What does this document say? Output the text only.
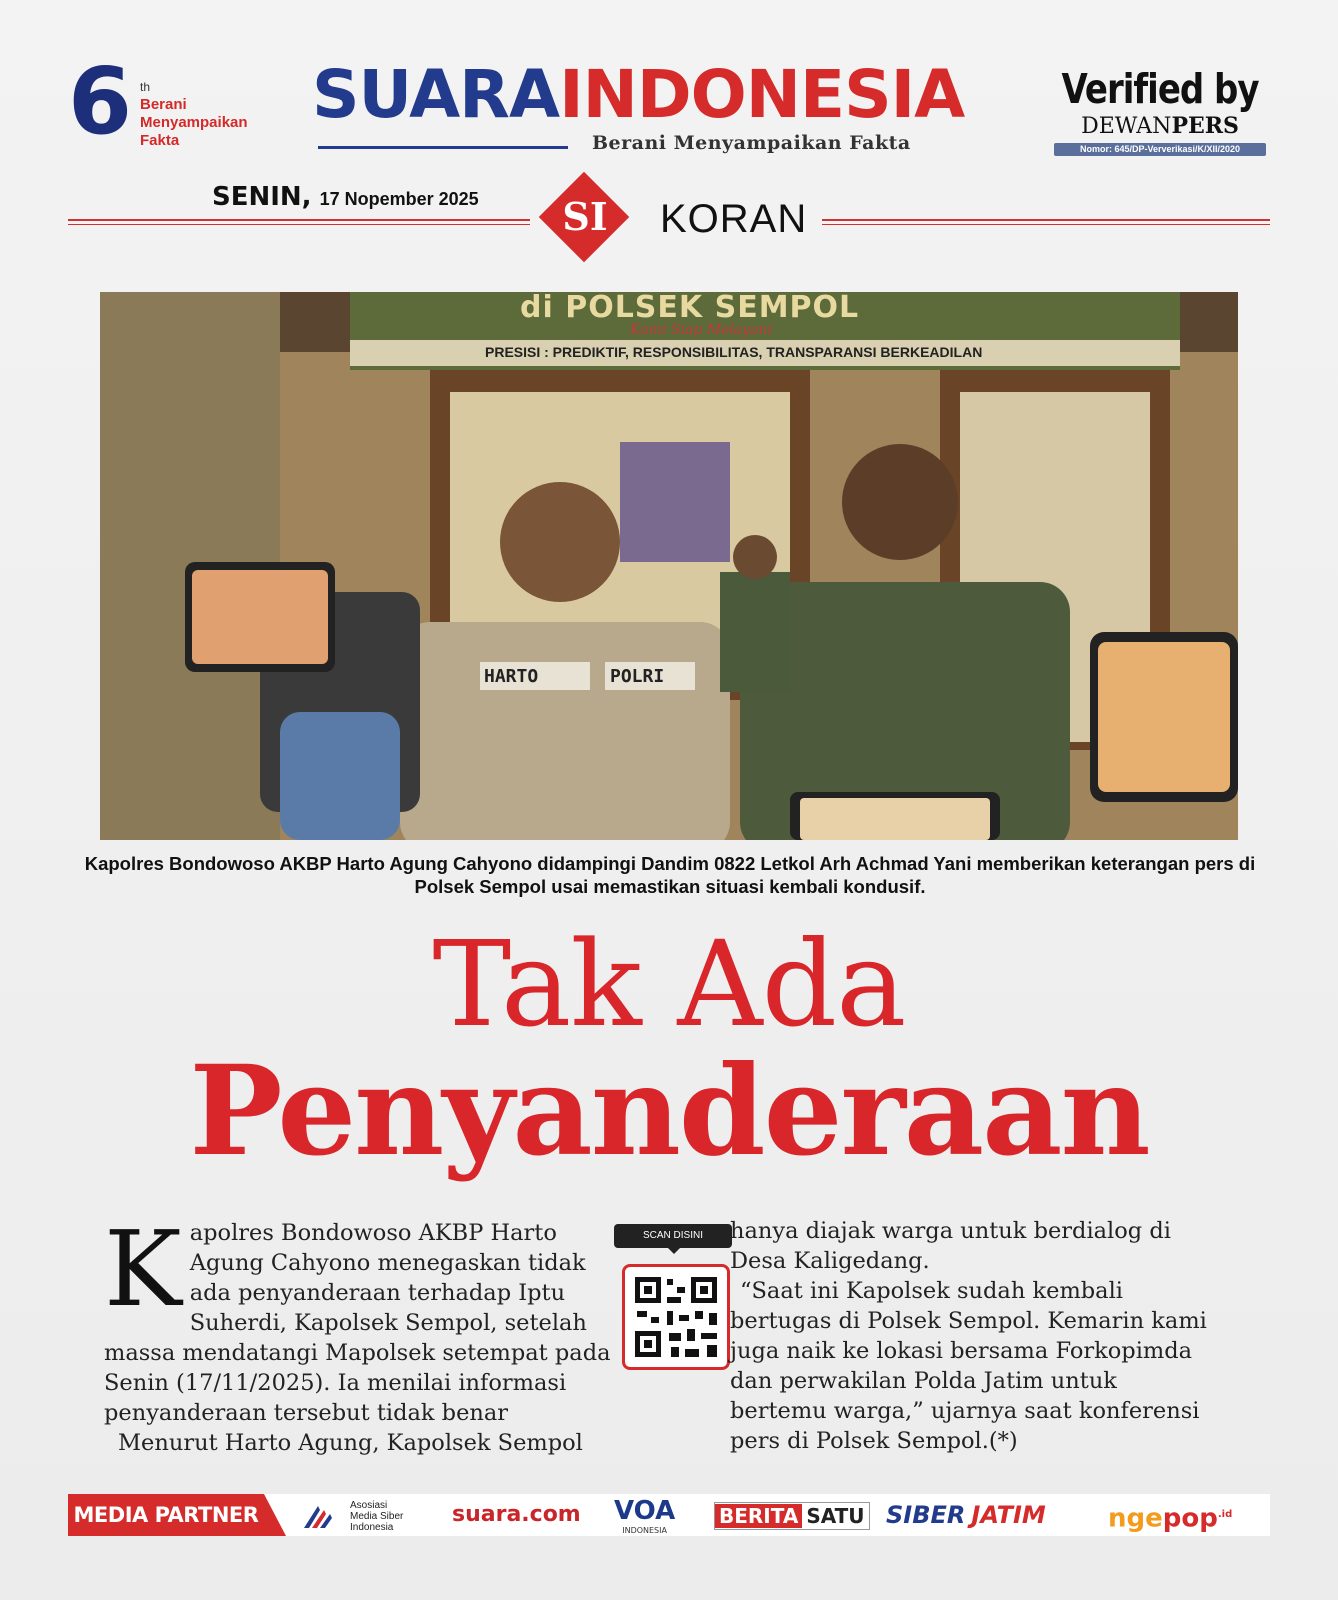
6 th
Berani
Menyampaikan
Fakta
SUARAINDONESIA
Berani Menyampaikan Fakta
Verified by
DEWANPERS
Nomor: 645/DP-Ververikasi/K/XII/2020
SENIN, 17 Nopember 2025	SI	KORAN
di POLSEK SEMPOL
Kami Siap Melayani
PRESISI : PREDIKTIF, RESPONSIBILITAS, TRANSPARANSI BERKEADILAN
HARTO	POLRI
Kapolres Bondowoso AKBP Harto Agung Cahyono didampingi Dandim 0822 Letkol Arh Achmad Yani memberikan keterangan pers di Polsek Sempol usai memastikan situasi kembali kondusif.
Tak Ada
Penyanderaan

Kapolres Bondowoso AKBP Harto Agung Cahyono menegaskan tidak ada penyanderaan terhadap Iptu Suherdi, Kapolsek Sempol, setelah massa mendatangi Mapolsek setempat pada Senin (17/11/2025). Ia menilai informasi penyanderaan tersebut tidak benar

Menurut Harto Agung, Kapolsek Sempol

SCAN DISINI	hanya diajak warga untuk berdialog di Desa Kaligedang.

“Saat ini Kapolsek sudah kembali bertugas di Polsek Sempol. Kemarin kami juga naik ke lokasi bersama Forkopimda dan perwakilan Polda Jatim untuk bertemu warga,” ujarnya saat konferensi pers di Polsek Sempol.(*)

MEDIA PARTNER	Asosiasi
Media Siber
Indonesia
suara.com VOA
INDONESIA
BERITA SATU SIBER JATIM ngepop$^{.id}$
